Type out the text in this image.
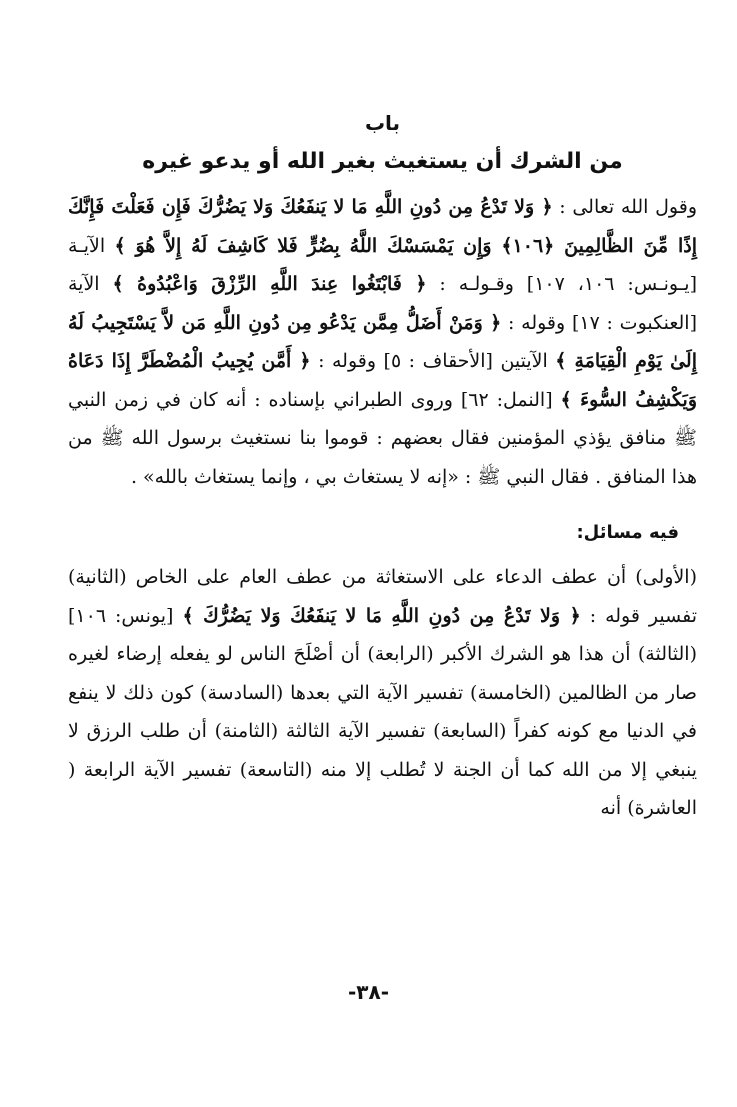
باب

من الشرك أن يستغيث بغير الله أو يدعو غيره

وقول الله تعالى : ﴿ وَلا تَدْعُ مِن دُونِ اللَّهِ مَا لا يَنفَعُكَ وَلا يَضُرُّكَ فَإِن فَعَلْتَ فَإِنَّكَ إِذًا مِّنَ الظَّالِمِينَ ﴿١٠٦﴾ وَإِن يَمْسَسْكَ اللَّهُ بِضُرٍّ فَلا كَاشِفَ لَهُ إِلاَّ هُوَ ﴾ الآيـة [يـونـس: ١٠٦، ١٠٧] وقـولـه : ﴿ فَابْتَغُوا عِندَ اللَّهِ الرِّزْقَ وَاعْبُدُوهُ ﴾ الآية [العنكبوت : ١٧] وقوله : ﴿ وَمَنْ أَضَلُّ مِمَّن يَدْعُو مِن دُونِ اللَّهِ مَن لاَّ يَسْتَجِيبُ لَهُ إِلَىٰ يَوْمِ الْقِيَامَةِ ﴾ الآيتين [الأحقاف : ٥] وقوله : ﴿ أَمَّن يُجِيبُ الْمُضْطَرَّ إِذَا دَعَاهُ وَيَكْشِفُ السُّوءَ ﴾ [النمل: ٦٢] وروى الطبراني بإسناده : أنه كان في زمن النبي ﷺ منافق يؤذي المؤمنين فقال بعضهم : قوموا بنا نستغيث برسول الله ﷺ من هذا المنافق . فقال النبي ﷺ : «إنه لا يستغاث بي ، وإنما يستغاث بالله» .

فيه مسائل:

(الأولى) أن عطف الدعاء على الاستغاثة من عطف العام على الخاص (الثانية) تفسير قوله : ﴿ وَلا تَدْعُ مِن دُونِ اللَّهِ مَا لا يَنفَعُكَ وَلا يَضُرُّكَ ﴾ [يونس: ١٠٦] (الثالثة) أن هذا هو الشرك الأكبر (الرابعة) أن أصْلَحَ الناس لو يفعله إرضاء لغيره صار من الظالمين (الخامسة) تفسير الآية التي بعدها (السادسة) كون ذلك لا ينفع في الدنيا مع كونه كفراً (السابعة) تفسير الآية الثالثة (الثامنة) أن طلب الرزق لا ينبغي إلا من الله كما أن الجنة لا تُطلب إلا منه (التاسعة) تفسير الآية الرابعة ( العاشرة) أنه

-٣٨-
